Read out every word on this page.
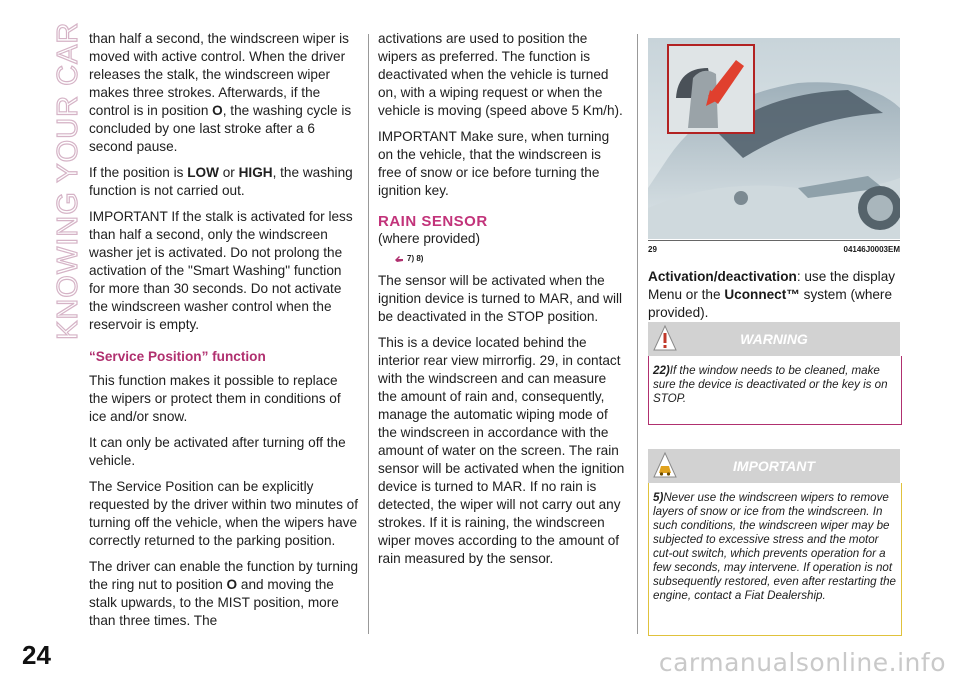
KNOWING YOUR CAR than half a second, the windscreen wiper is moved with active control. When the driver releases the stalk, the windscreen wiper makes three strokes. Afterwards, if the control is in position O, the washing cycle is concluded by one last stroke after a 6 second pause.

If the position is LOW or HIGH, the washing function is not carried out.

IMPORTANT If the stalk is activated for less than half a second, only the windscreen washer jet is activated. Do not prolong the activation of the "Smart Washing" function for more than 30 seconds. Do not activate the windscreen washer control when the reservoir is empty.

“Service Position” function

This function makes it possible to replace the wipers or protect them in conditions of ice and/or snow.

It can only be activated after turning off the vehicle.

The Service Position can be explicitly requested by the driver within two minutes of turning off the vehicle, when the wipers have correctly returned to the parking position.

The driver can enable the function by turning the ring nut to position O and moving the stalk upwards, to the MIST position, more than three times. The

activations are used to position the wipers as preferred. The function is deactivated when the vehicle is turned on, with a wiping request or when the vehicle is moving (speed above 5 Km/h).

IMPORTANT Make sure, when turning on the vehicle, that the windscreen is free of snow or ice before turning the ignition key.

RAIN SENSOR
(where provided)
7) 8)

The sensor will be activated when the ignition device is turned to MAR, and will be deactivated in the STOP position.

This is a device located behind the interior rear view mirrorfig. 29, in contact with the windscreen and can measure the amount of rain and, consequently, manage the automatic wiping mode of the windscreen in accordance with the amount of water on the screen. The rain sensor will be activated when the ignition device is turned to MAR. If no rain is detected, the wiper will not carry out any strokes. If it is raining, the windscreen wiper moves according to the amount of rain measured by the sensor.

29	04146J0003EM
Activation/deactivation: use the display Menu or the Uconnect™ system (where provided).
WARNING
22)If the window needs to be cleaned, make sure the device is deactivated or the key is on STOP.
IMPORTANT
5)Never use the windscreen wipers to remove layers of snow or ice from the windscreen. In such conditions, the windscreen wiper may be subjected to excessive stress and the motor cut-out switch, which prevents operation for a few seconds, may intervene. If operation is not subsequently restored, even after restarting the engine, contact a Fiat Dealership.
24	carmanualsonline.info
